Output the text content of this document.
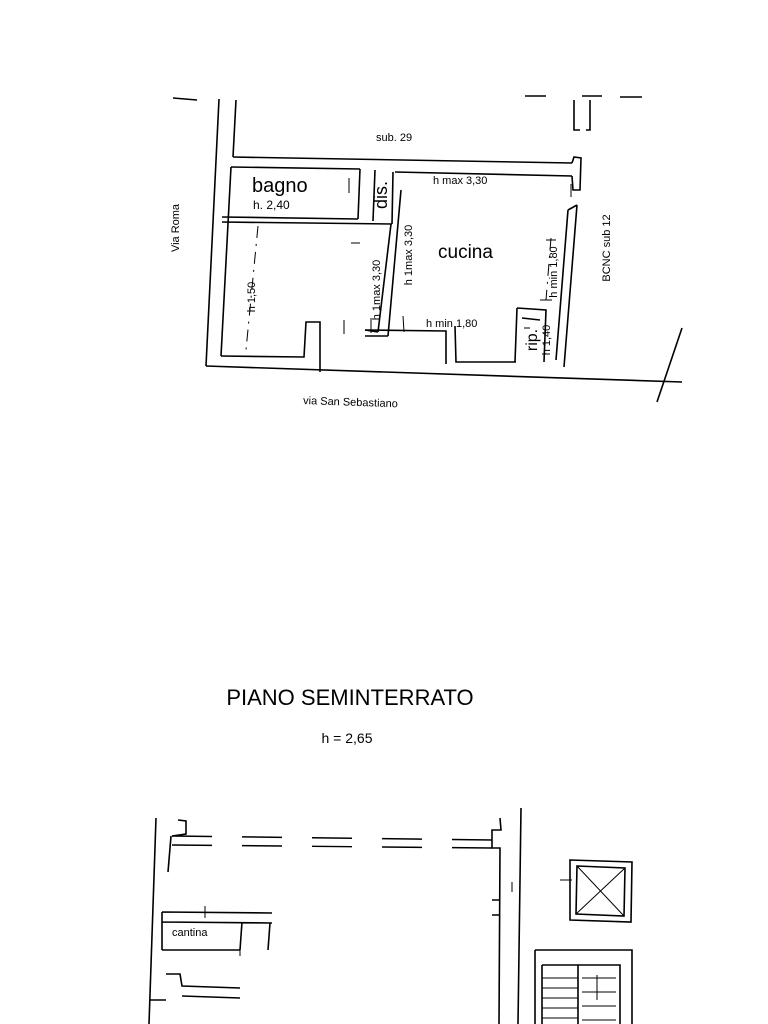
sub. 29
bagno
h. 2,40	dis.	h max 3,30
cucina
Via Roma
h 1,50	h 1max 3,30
h 1max 3,30
h min 1,80
h min 1,80	BCNC sub 12
rip. h 1,40
via San Sebastiano
PIANO SEMINTERRATO
h = 2,65
cantina
